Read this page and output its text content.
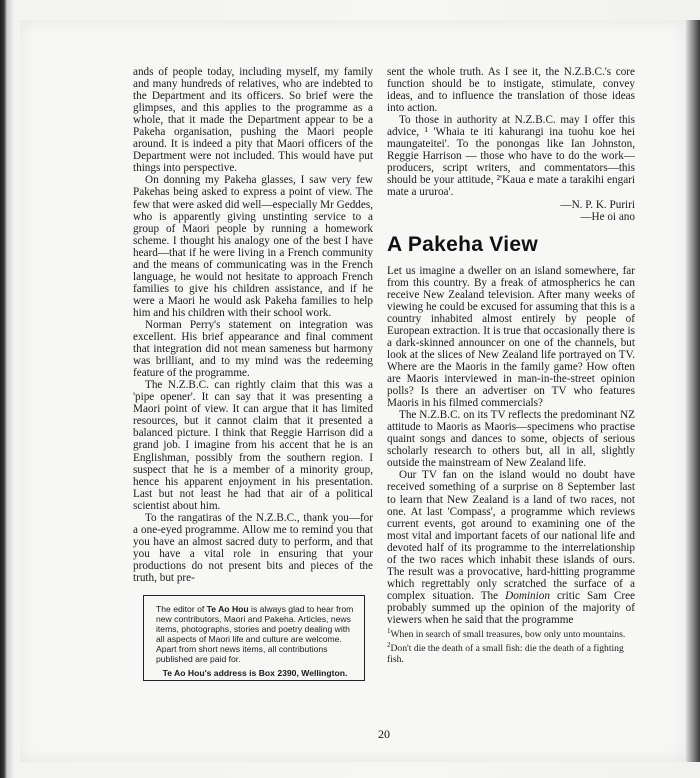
ands of people today, including myself, my family and many hundreds of relatives, who are indebted to the Department and its officers. So brief were the glimpses, and this applies to the programme as a whole, that it made the Department appear to be a Pakeha organisation, pushing the Maori people around. It is indeed a pity that Maori officers of the Department were not included. This would have put things into perspective.

On donning my Pakeha glasses, I saw very few Pakehas being asked to express a point of view. The few that were asked did well—especially Mr Geddes, who is apparently giving unstinting service to a group of Maori people by running a homework scheme. I thought his analogy one of the best I have heard—that if he were living in a French community and the means of communicating was in the French language, he would not hesitate to approach French families to give his children assistance, and if he were a Maori he would ask Pakeha families to help him and his children with their school work.

Norman Perry's statement on integration was excellent. His brief appearance and final comment that integration did not mean sameness but harmony was brilliant, and to my mind was the redeeming feature of the programme.

The N.Z.B.C. can rightly claim that this was a 'pipe opener'. It can say that it was presenting a Maori point of view. It can argue that it has limited resources, but it cannot claim that it presented a balanced picture. I think that Reggie Harrison did a grand job. I imagine from his accent that he is an Englishman, possibly from the southern region. I suspect that he is a member of a minority group, hence his apparent enjoyment in his presentation. Last but not least he had that air of a political scientist about him.

To the rangatiras of the N.Z.B.C., thank you—for a one-eyed programme. Allow me to remind you that you have an almost sacred duty to perform, and that you have a vital role in ensuring that your productions do not present bits and pieces of the truth, but pre-

The editor of Te Ao Hou is always glad to hear from new contributors, Maori and Pakeha. Articles, news items, photographs, stories and poetry dealing with all aspects of Maori life and culture are welcome. Apart from short news items, all contributions published are paid for.

Te Ao Hou's address is Box 2390, Wellington.

sent the whole truth. As I see it, the N.Z.B.C.'s core function should be to instigate, stimulate, convey ideas, and to influence the translation of those ideas into action.

To those in authority at N.Z.B.C. may I offer this advice, ¹ 'Whaia te iti kahurangi ina tuohu koe hei maungateitei'. To the ponongas like Ian Johnston, Reggie Harrison — those who have to do the work—producers, script writers, and commentators—this should be your attitude, ²'Kaua e mate a tarakihi engari mate a ururoa'.

—N. P. K. Puriri

—He oi ano

A Pakeha View

Let us imagine a dweller on an island somewhere, far from this country. By a freak of atmospherics he can receive New Zealand television. After many weeks of viewing he could be excused for assuming that this is a country inhabited almost entirely by people of European extraction. It is true that occasionally there is a dark-skinned announcer on one of the channels, but look at the slices of New Zealand life portrayed on TV. Where are the Maoris in the family game? How often are Maoris interviewed in man-in-the-street opinion polls? Is there an advertiser on TV who features Maoris in his filmed commercials?

The N.Z.B.C. on its TV reflects the predominant NZ attitude to Maoris as Maoris—specimens who practise quaint songs and dances to some, objects of serious scholarly research to others but, all in all, slightly outside the mainstream of New Zealand life.

Our TV fan on the island would no doubt have received something of a surprise on 8 September last to learn that New Zealand is a land of two races, not one. At last 'Compass', a programme which reviews current events, got around to examining one of the most vital and important facets of our national life and devoted half of its programme to the interrelationship of the two races which inhabit these islands of ours. The result was a provocative, hard-hitting programme which regrettably only scratched the surface of a complex situation. The Dominion critic Sam Cree probably summed up the opinion of the majority of viewers when he said that the programme

$^1$When in search of small treasures, bow only unto mountains.

$^2$Don't die the death of a small fish: die the death of a fighting fish.

20
